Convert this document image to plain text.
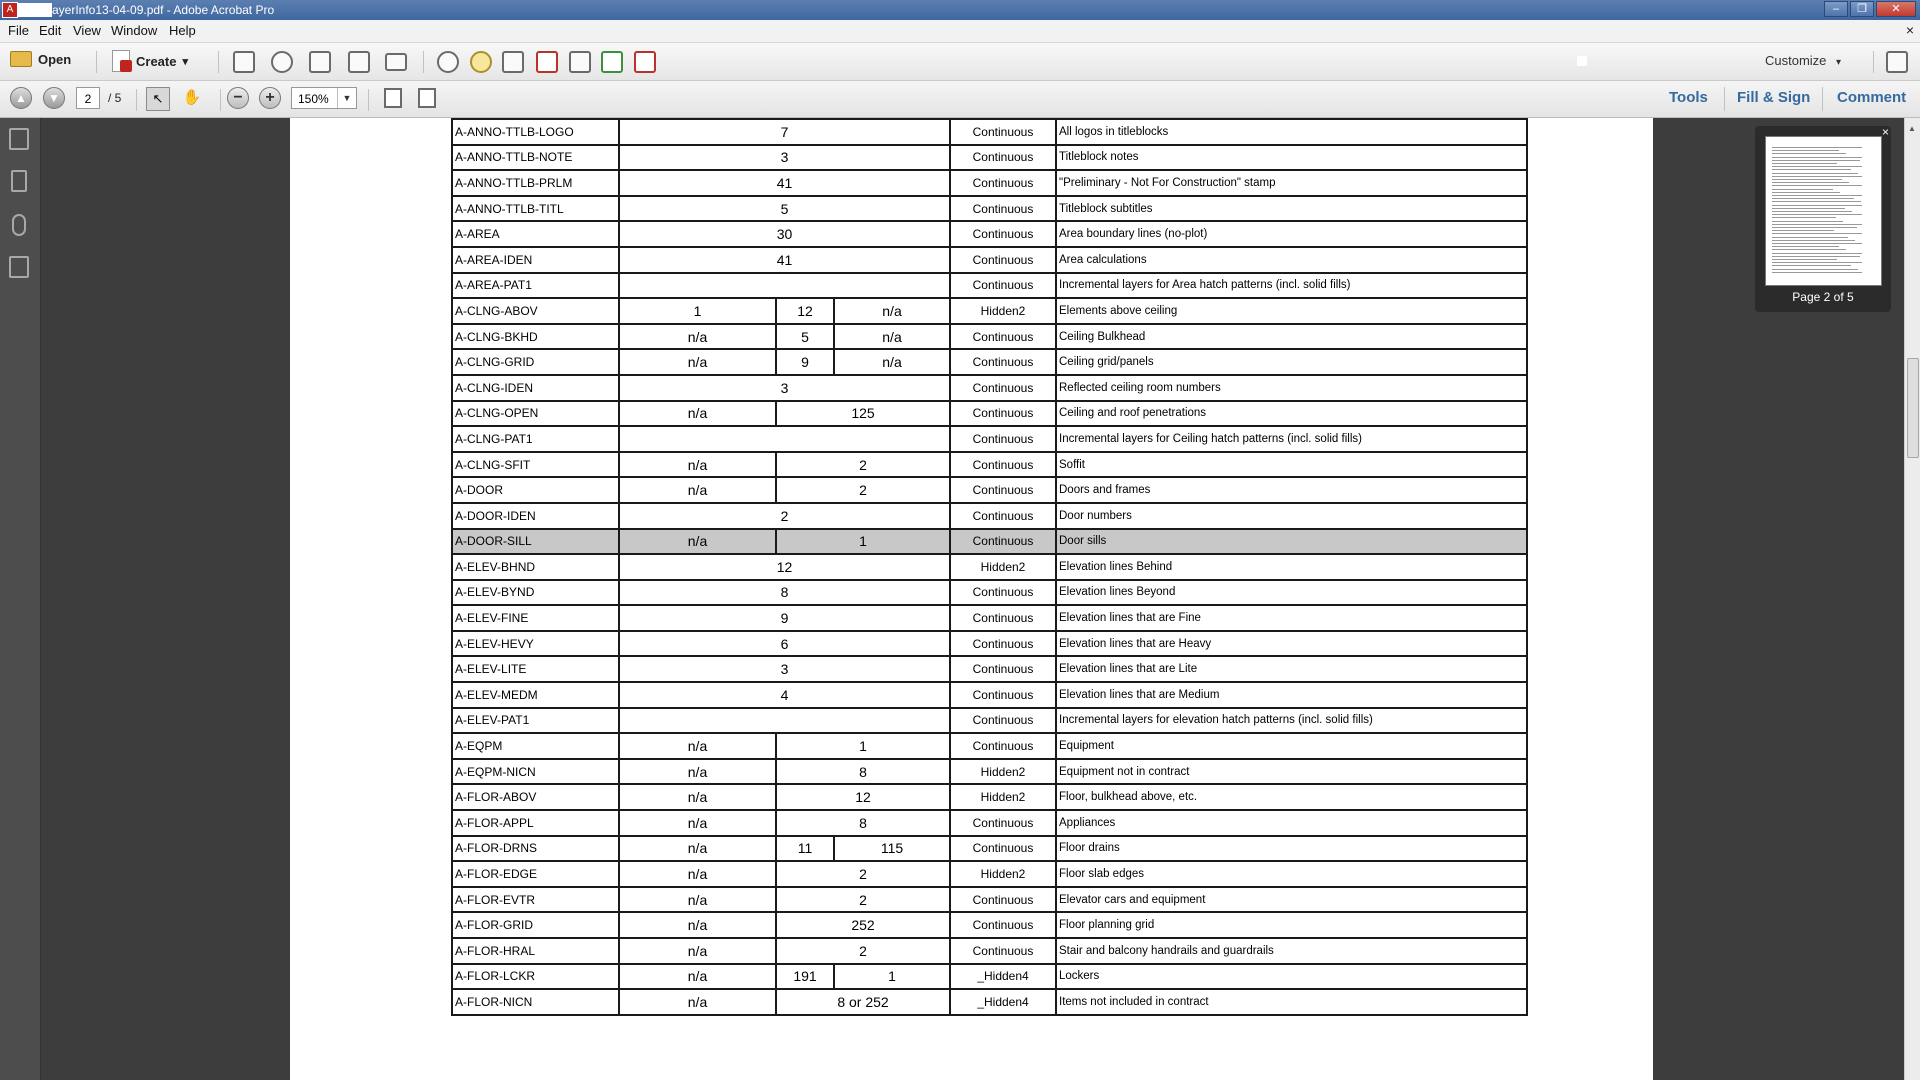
A	ayerInfo13-04-09.pdf - Adobe Acrobat Pro	–	❐	✕
File Edit View Window Help	×
Open	Create ▾	Customize ▾
▲	▼	2	/ 5	↖	✋	−	+	150%	▼	Tools Fill & Sign Comment
A-ANNO-TTLB-LOGO	7			Continuous	All logos in titleblocks
A-ANNO-TTLB-NOTE	3			Continuous	Titleblock notes
A-ANNO-TTLB-PRLM	41			Continuous	"Preliminary - Not For Construction" stamp
A-ANNO-TTLB-TITL	5			Continuous	Titleblock subtitles
A-AREA	30			Continuous	Area boundary lines (no-plot)
A-AREA-IDEN	41			Continuous	Area calculations
A-AREA-PAT1				Continuous	Incremental layers for Area hatch patterns (incl. solid fills)
A-CLNG-ABOV	1	12	n/a	Hidden2	Elements above ceiling
A-CLNG-BKHD	n/a	5	n/a	Continuous	Ceiling Bulkhead
A-CLNG-GRID	n/a	9	n/a	Continuous	Ceiling grid/panels
A-CLNG-IDEN	3			Continuous	Reflected ceiling room numbers
A-CLNG-OPEN	n/a	125		Continuous	Ceiling and roof penetrations
A-CLNG-PAT1				Continuous	Incremental layers for Ceiling hatch patterns (incl. solid fills)
A-CLNG-SFIT	n/a	2		Continuous	Soffit
A-DOOR	n/a	2		Continuous	Doors and frames
A-DOOR-IDEN	2			Continuous	Door numbers
A-DOOR-SILL	n/a	1		Continuous	Door sills
A-ELEV-BHND	12			Hidden2	Elevation lines Behind
A-ELEV-BYND	8			Continuous	Elevation lines Beyond
A-ELEV-FINE	9			Continuous	Elevation lines that are Fine
A-ELEV-HEVY	6			Continuous	Elevation lines that are Heavy
A-ELEV-LITE	3			Continuous	Elevation lines that are Lite
A-ELEV-MEDM	4			Continuous	Elevation lines that are Medium
A-ELEV-PAT1				Continuous	Incremental layers for elevation hatch patterns (incl. solid fills)
A-EQPM	n/a	1		Continuous	Equipment
A-EQPM-NICN	n/a	8		Hidden2	Equipment not in contract
A-FLOR-ABOV	n/a	12		Hidden2	Floor, bulkhead above, etc.
A-FLOR-APPL	n/a	8		Continuous	Appliances
A-FLOR-DRNS	n/a	11	115	Continuous	Floor drains
A-FLOR-EDGE	n/a	2		Hidden2	Floor slab edges
A-FLOR-EVTR	n/a	2		Continuous	Elevator cars and equipment
A-FLOR-GRID	n/a	252		Continuous	Floor planning grid
A-FLOR-HRAL	n/a	2		Continuous	Stair and balcony handrails and guardrails
A-FLOR-LCKR	n/a	191	1	_Hidden4	Lockers
A-FLOR-NICN	n/a	8 or 252		_Hidden4	Items not included in contract
×
Page 2 of 5
▲
